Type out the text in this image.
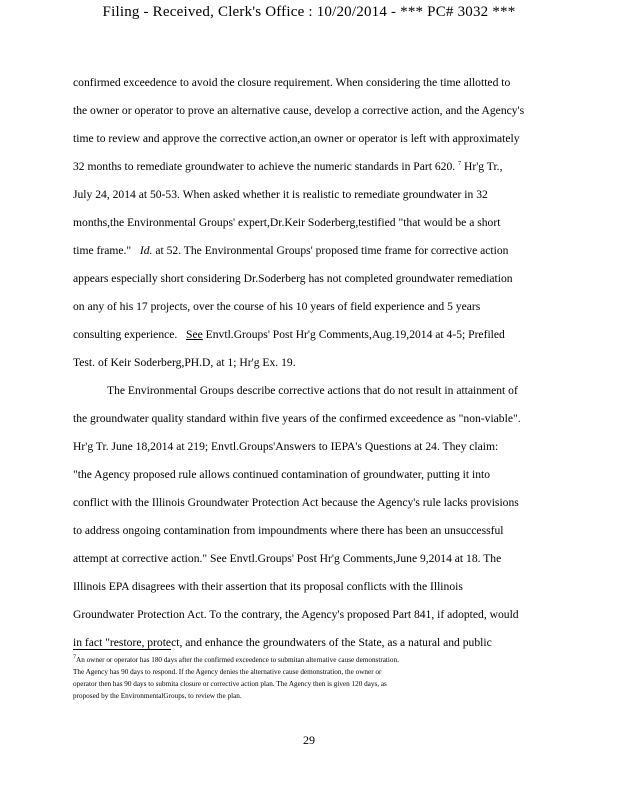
Filing - Received, Clerk's Office : 10/20/2014 - *** PC# 3032 ***
confirmed exceedence to avoid the closure requirement. When considering the time allotted to
the owner or operator to prove an alternative cause, develop a corrective action, and the Agency's
time to review and approve the corrective action,an owner or operator is left with approximately
32 months to remediate groundwater to achieve the numeric standards in Part 620. $^7$ Hr'g Tr.,
July 24, 2014 at 50-53. When asked whether it is realistic to remediate groundwater in 32
months,the Environmental Groups' expert,Dr.Keir Soderberg,testified "that would be a short
time frame." Id. at 52. The Environmental Groups' proposed time frame for corrective action
appears especially short considering Dr.Soderberg has not completed groundwater remediation
on any of his 17 projects, over the course of his 10 years of field experience and 5 years
consulting experience. See Envtl.Groups' Post Hr'g Comments,Aug.19,2014 at 4-5; Prefiled
Test. of Keir Soderberg,PH.D, at 1; Hr'g Ex. 19.
The Environmental Groups describe corrective actions that do not result in attainment of
the groundwater quality standard within five years of the confirmed exceedence as "non-viable".
Hr'g Tr. June 18,2014 at 219; Envtl.Groups'Answers to IEPA's Questions at 24. They claim:
"the Agency proposed rule allows continued contamination of groundwater, putting it into
conflict with the Illinois Groundwater Protection Act because the Agency's rule lacks provisions
to address ongoing contamination from impoundments where there has been an unsuccessful
attempt at corrective action." See Envtl.Groups' Post Hr'g Comments,June 9,2014 at 18. The
Illinois EPA disagrees with their assertion that its proposal conflicts with the Illinois
Groundwater Protection Act. To the contrary, the Agency's proposed Part 841, if adopted, would
in fact "restore, protect, and enhance the groundwaters of the State, as a natural and public
$^7$An owner or operator has 180 days after the confirmed exceedence to submitan alternative cause demonstration.
The Agency has 90 days to respond. If the Agency denies the alternative cause demonstration, the owner or
operator then has 90 days to submita closure or corrective action plan. The Agency then is given 120 days, as
proposed by the EnvironmentalGroups, to review the plan.
29
